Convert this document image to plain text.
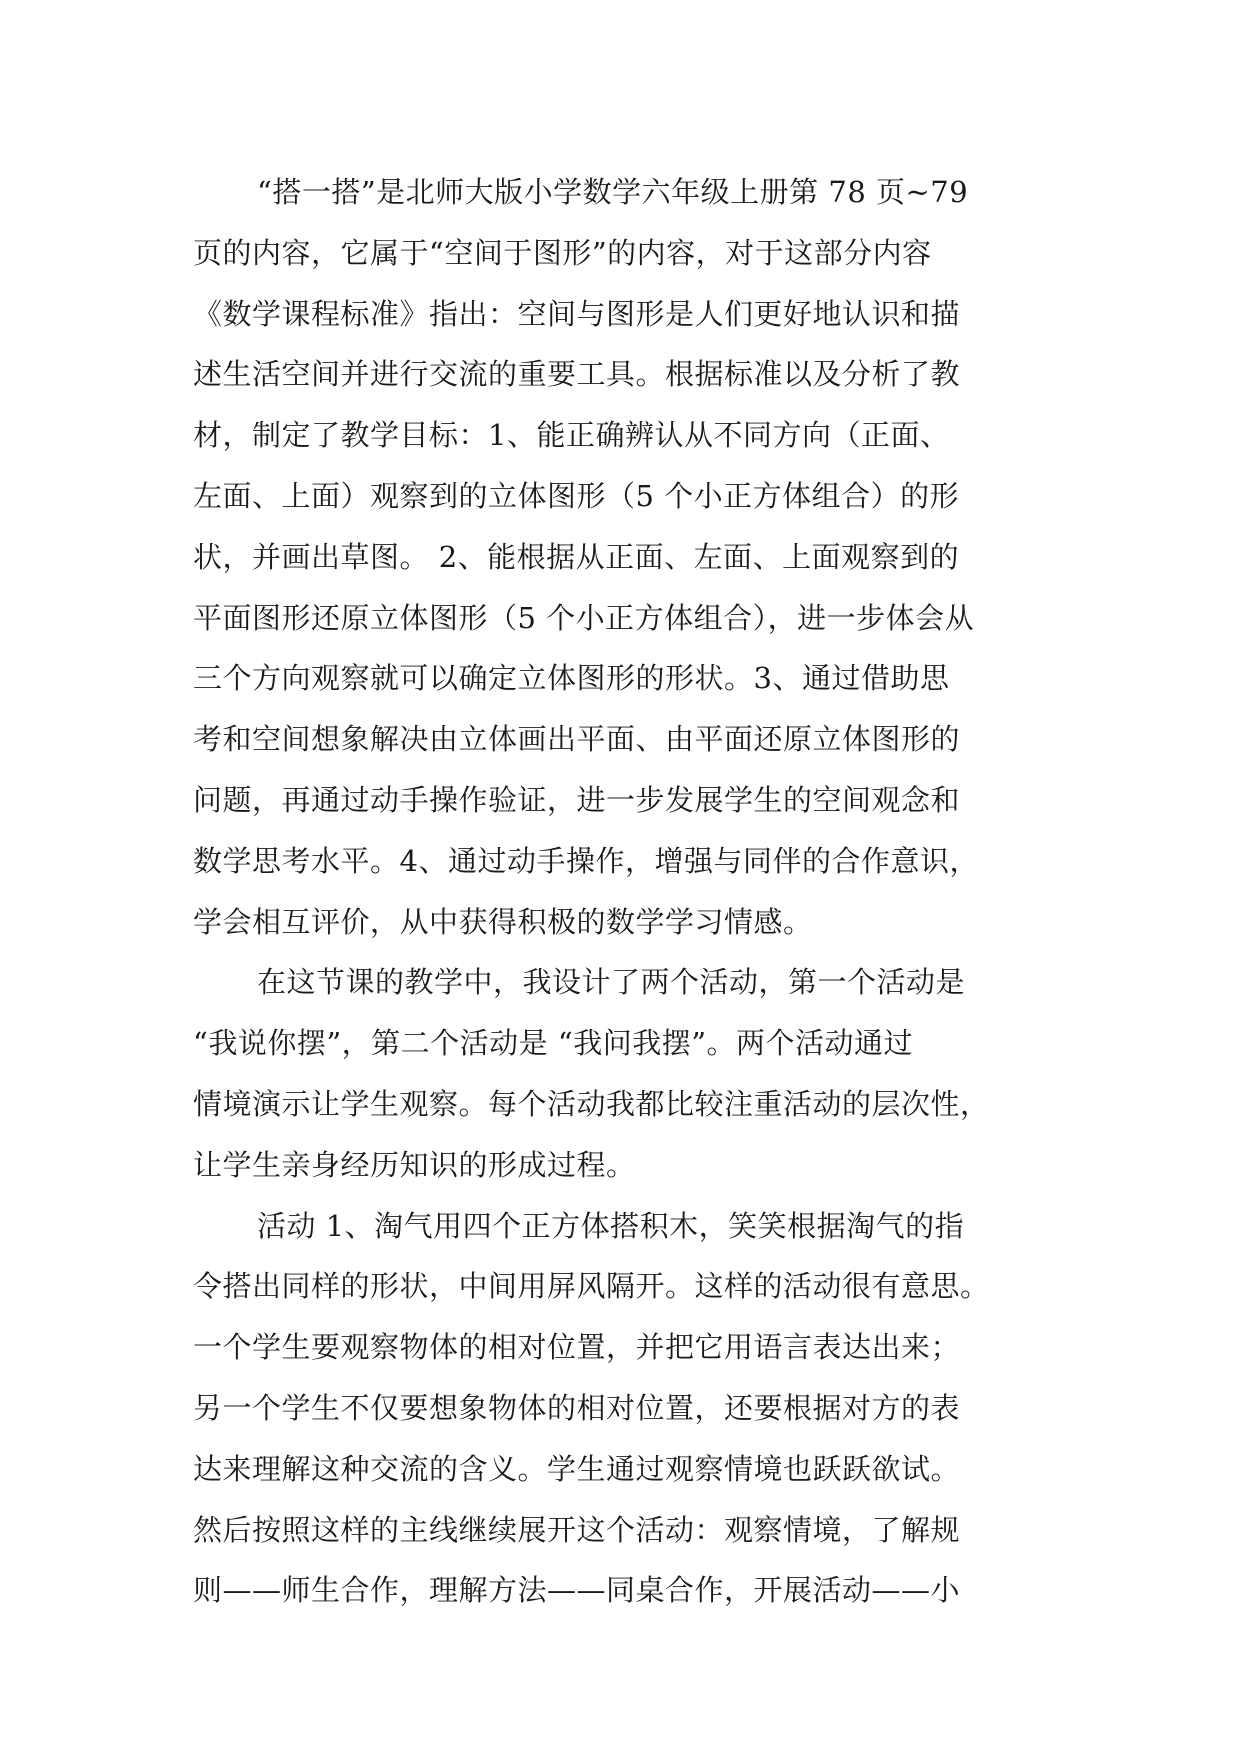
“搭一搭”是北师大版小学数学六年级上册第 78 页~79
页的内容，它属于“空间于图形”的内容，对于这部分内容
《数学课程标准》指出：空间与图形是人们更好地认识和描
述生活空间并进行交流的重要工具。根据标准以及分析了教
材，制定了教学目标：1、能正确辨认从不同方向（正面、
左面、上面）观察到的立体图形（5 个小正方体组合）的形
状，并画出草图。 2、能根据从正面、左面、上面观察到的
平面图形还原立体图形（5 个小正方体组合），进一步体会从
三个方向观察就可以确定立体图形的形状。3、通过借助思
考和空间想象解决由立体画出平面、由平面还原立体图形的
问题，再通过动手操作验证，进一步发展学生的空间观念和
数学思考水平。4、通过动手操作，增强与同伴的合作意识，
学会相互评价，从中获得积极的数学学习情感。
在这节课的教学中，我设计了两个活动，第一个活动是
“我说你摆”，第二个活动是 “我问我摆”。两个活动通过
情境演示让学生观察。每个活动我都比较注重活动的层次性，
让学生亲身经历知识的形成过程。
活动 1、淘气用四个正方体搭积木，笑笑根据淘气的指
令搭出同样的形状，中间用屏风隔开。这样的活动很有意思。
一个学生要观察物体的相对位置，并把它用语言表达出来；
另一个学生不仅要想象物体的相对位置，还要根据对方的表
达来理解这种交流的含义。学生通过观察情境也跃跃欲试。
然后按照这样的主线继续展开这个活动：观察情境，了解规
则——师生合作，理解方法——同桌合作，开展活动——小
